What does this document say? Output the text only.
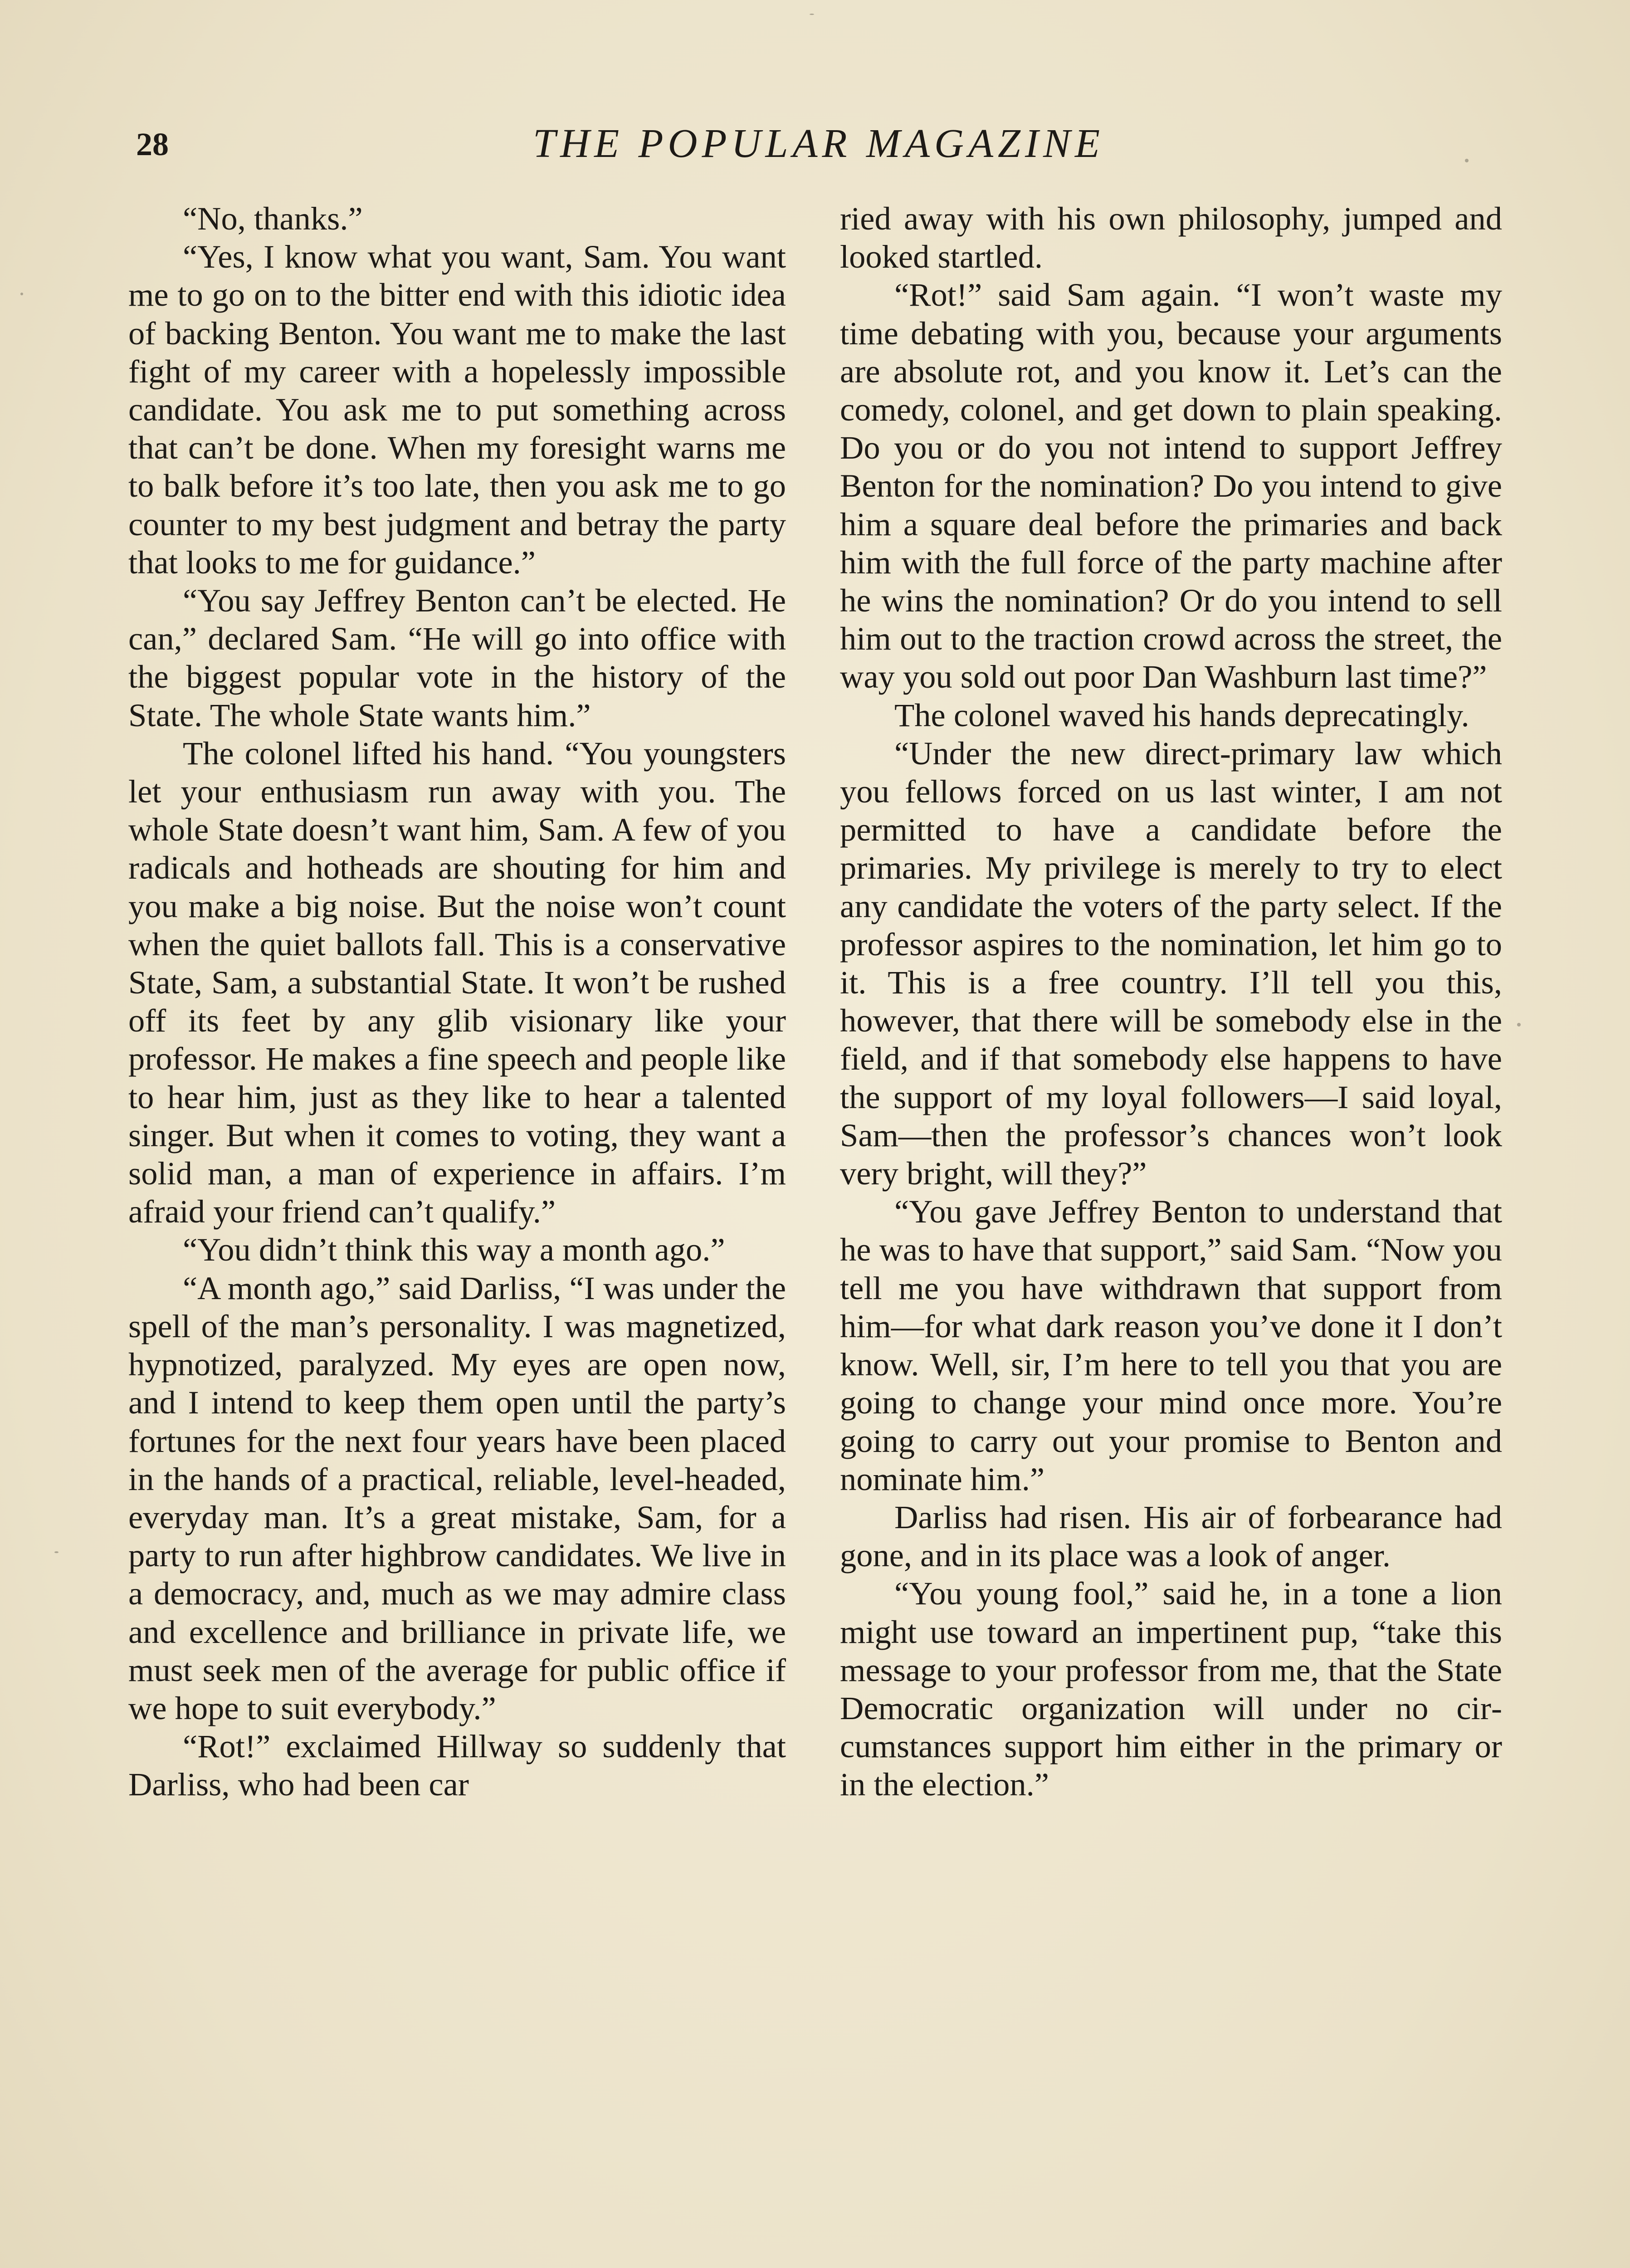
28	THE POPULAR MAGAZINE

“No, thanks.”

“Yes, I know what you want, Sam. You want me to go on to the bitter end with this idiotic idea of backing Benton. You want me to make the last fight of my career with a hopelessly impossible candidate. You ask me to put something across that can’t be done. When my foresight warns me to balk before it’s too late, then you ask me to go counter to my best judgment and betray the party that looks to me for guidance.”

“You say Jeffrey Benton can’t be elected. He can,” declared Sam. “He will go into office with the biggest popular vote in the history of the State. The whole State wants him.”

The colonel lifted his hand. “You youngsters let your enthusiasm run away with you. The whole State doesn’t want him, Sam. A few of you radicals and hotheads are shouting for him and you make a big noise. But the noise won’t count when the quiet ballots fall. This is a conservative State, Sam, a substantial State. It won’t be rushed off its feet by any glib visionary like your professor. He makes a fine speech and people like to hear him, just as they like to hear a talented singer. But when it comes to voting, they want a solid man, a man of experience in affairs. I’m afraid your friend can’t qualify.”

“You didn’t think this way a month ago.”

“A month ago,” said Darliss, “I was under the spell of the man’s personality. I was magnetized, hypnotized, paralyzed. My eyes are open now, and I intend to keep them open until the party’s fortunes for the next four years have been placed in the hands of a practical, reliable, level-headed, everyday man. It’s a great mistake, Sam, for a party to run after highbrow candidates. We live in a democracy, and, much as we may admire class and excellence and brilliance in private life, we must seek men of the average for public office if we hope to suit everybody.”

“Rot!” exclaimed Hillway so suddenly that Darliss, who had been car

ried away with his own philosophy, jumped and looked startled.

“Rot!” said Sam again. “I won’t waste my time debating with you, because your arguments are absolute rot, and you know it. Let’s can the comedy, colonel, and get down to plain speaking. Do you or do you not intend to support Jeffrey Benton for the nomination? Do you intend to give him a square deal before the primaries and back him with the full force of the party machine after he wins the nomination? Or do you intend to sell him out to the traction crowd across the street, the way you sold out poor Dan Washburn last time?”

The colonel waved his hands deprecatingly.

“Under the new direct-primary law which you fellows forced on us last winter, I am not permitted to have a candidate before the primaries. My privilege is merely to try to elect any candidate the voters of the party select. If the professor aspires to the nomination, let him go to it. This is a free country. I’ll tell you this, however, that there will be somebody else in the field, and if that somebody else happens to have the support of my loyal followers—I said loyal, Sam—then the professor’s chances won’t look very bright, will they?”

“You gave Jeffrey Benton to understand that he was to have that support,” said Sam. “Now you tell me you have withdrawn that support from him—for what dark reason you’ve done it I don’t know. Well, sir, I’m here to tell you that you are going to change your mind once more. You’re going to carry out your promise to Benton and nominate him.”

Darliss had risen. His air of forbearance had gone, and in its place was a look of anger.

“You young fool,” said he, in a tone a lion might use toward an impertinent pup, “take this message to your professor from me, that the State Democratic organization will under no circumstances support him either in the primary or in the election.”
